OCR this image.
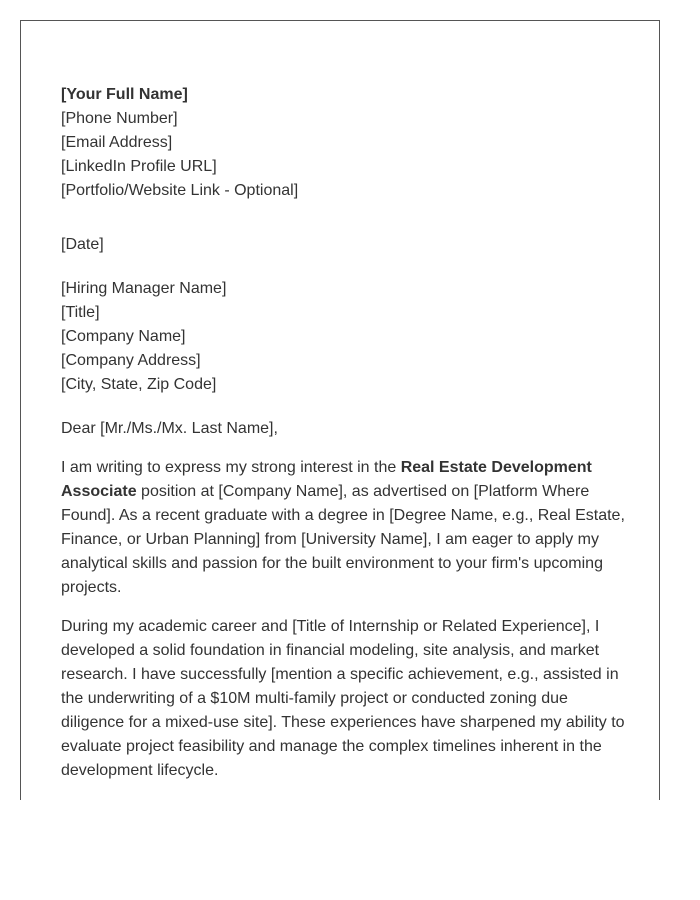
[Your Full Name]
[Phone Number]
[Email Address]
[LinkedIn Profile URL]
[Portfolio/Website Link - Optional]
[Date]
[Hiring Manager Name]
[Title]
[Company Name]
[Company Address]
[City, State, Zip Code]
Dear [Mr./Ms./Mx. Last Name],

I am writing to express my strong interest in the Real Estate Development Associate position at [Company Name], as advertised on [Platform Where Found]. As a recent graduate with a degree in [Degree Name, e.g., Real Estate, Finance, or Urban Planning] from [University Name], I am eager to apply my analytical skills and passion for the built environment to your firm's upcoming projects.

During my academic career and [Title of Internship or Related Experience], I developed a solid foundation in financial modeling, site analysis, and market research. I have successfully [mention a specific achievement, e.g., assisted in the underwriting of a $10M multi-family project or conducted zoning due diligence for a mixed-use site]. These experiences have sharpened my ability to evaluate project feasibility and manage the complex timelines inherent in the development lifecycle.
